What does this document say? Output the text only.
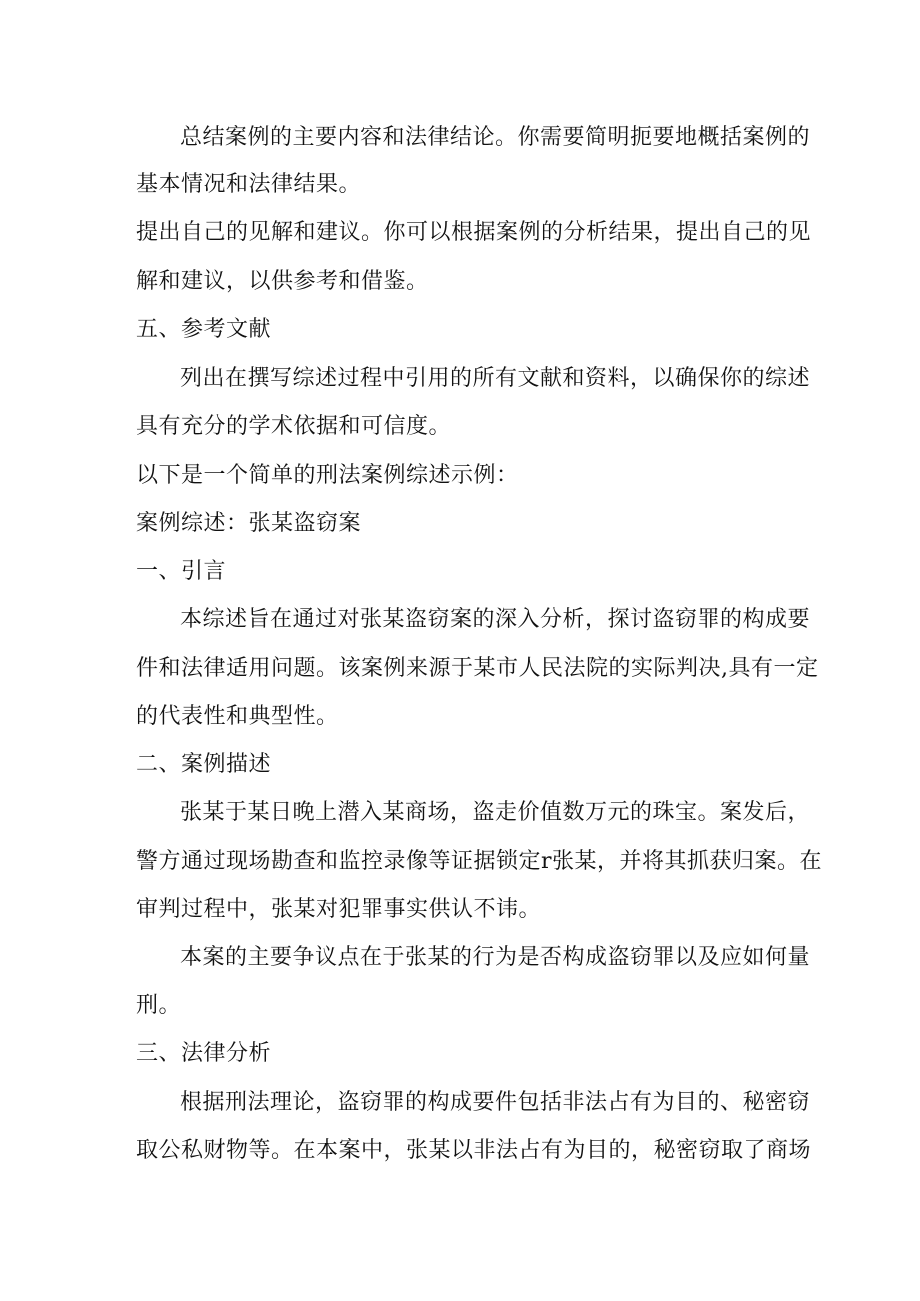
总结案例的主要内容和法律结论。你需要简明扼要地概括案例的
基本情况和法律结果。
提出自己的见解和建议。你可以根据案例的分析结果，提出自己的见
解和建议，以供参考和借鉴。
五、参考文献
列出在撰写综述过程中引用的所有文献和资料，以确保你的综述
具有充分的学术依据和可信度。
以下是一个简单的刑法案例综述示例：
案例综述：张某盗窃案
一、引言
本综述旨在通过对张某盗窃案的深入分析，探讨盗窃罪的构成要
件和法律适用问题。该案例来源于某市人民法院的实际判决,具有一定
的代表性和典型性。
二、案例描述
张某于某日晚上潜入某商场，盗走价值数万元的珠宝。案发后，
警方通过现场勘查和监控录像等证据锁定r张某，并将其抓获归案。在
审判过程中，张某对犯罪事实供认不讳。
本案的主要争议点在于张某的行为是否构成盗窃罪以及应如何量
刑。
三、法律分析
根据刑法理论，盗窃罪的构成要件包括非法占有为目的、秘密窃
取公私财物等。在本案中，张某以非法占有为目的，秘密窃取了商场
